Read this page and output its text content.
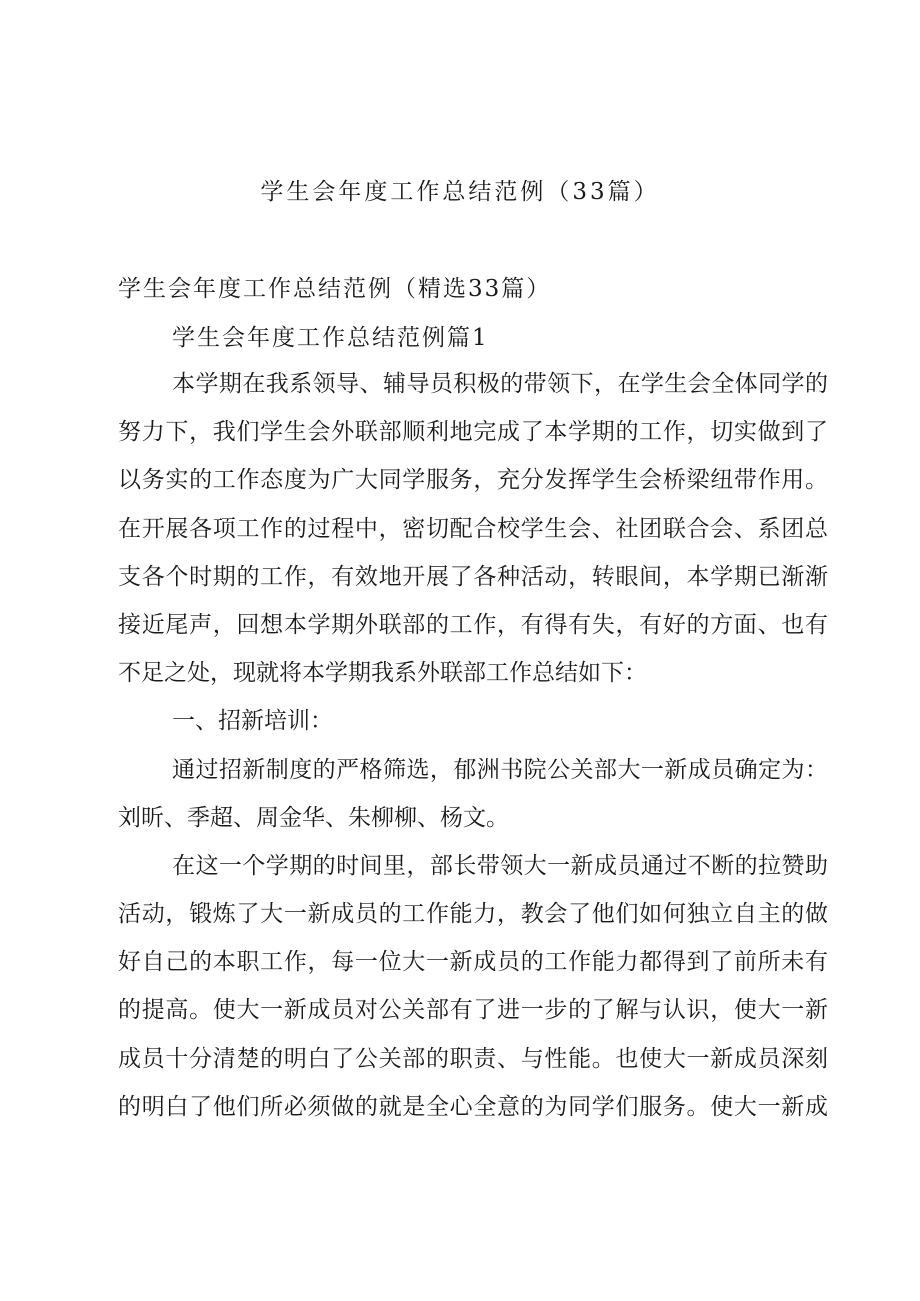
学生会年度工作总结范例（33篇）

学生会年度工作总结范例（精选33篇）

学生会年度工作总结范例篇1

本学期在我系领导、辅导员积极的带领下，在学生会全体同学的

努力下，我们学生会外联部顺利地完成了本学期的工作，切实做到了

以务实的工作态度为广大同学服务，充分发挥学生会桥梁纽带作用。

在开展各项工作的过程中，密切配合校学生会、社团联合会、系团总

支各个时期的工作，有效地开展了各种活动，转眼间，本学期已渐渐

接近尾声，回想本学期外联部的工作，有得有失，有好的方面、也有

不足之处，现就将本学期我系外联部工作总结如下：

一、招新培训：

通过招新制度的严格筛选，郁洲书院公关部大一新成员确定为：

刘昕、季超、周金华、朱柳柳、杨文。

在这一个学期的时间里，部长带领大一新成员通过不断的拉赞助

活动，锻炼了大一新成员的工作能力，教会了他们如何独立自主的做

好自己的本职工作，每一位大一新成员的工作能力都得到了前所未有

的提高。使大一新成员对公关部有了进一步的了解与认识，使大一新

成员十分清楚的明白了公关部的职责、与性能。也使大一新成员深刻

的明白了他们所必须做的就是全心全意的为同学们服务。使大一新成
